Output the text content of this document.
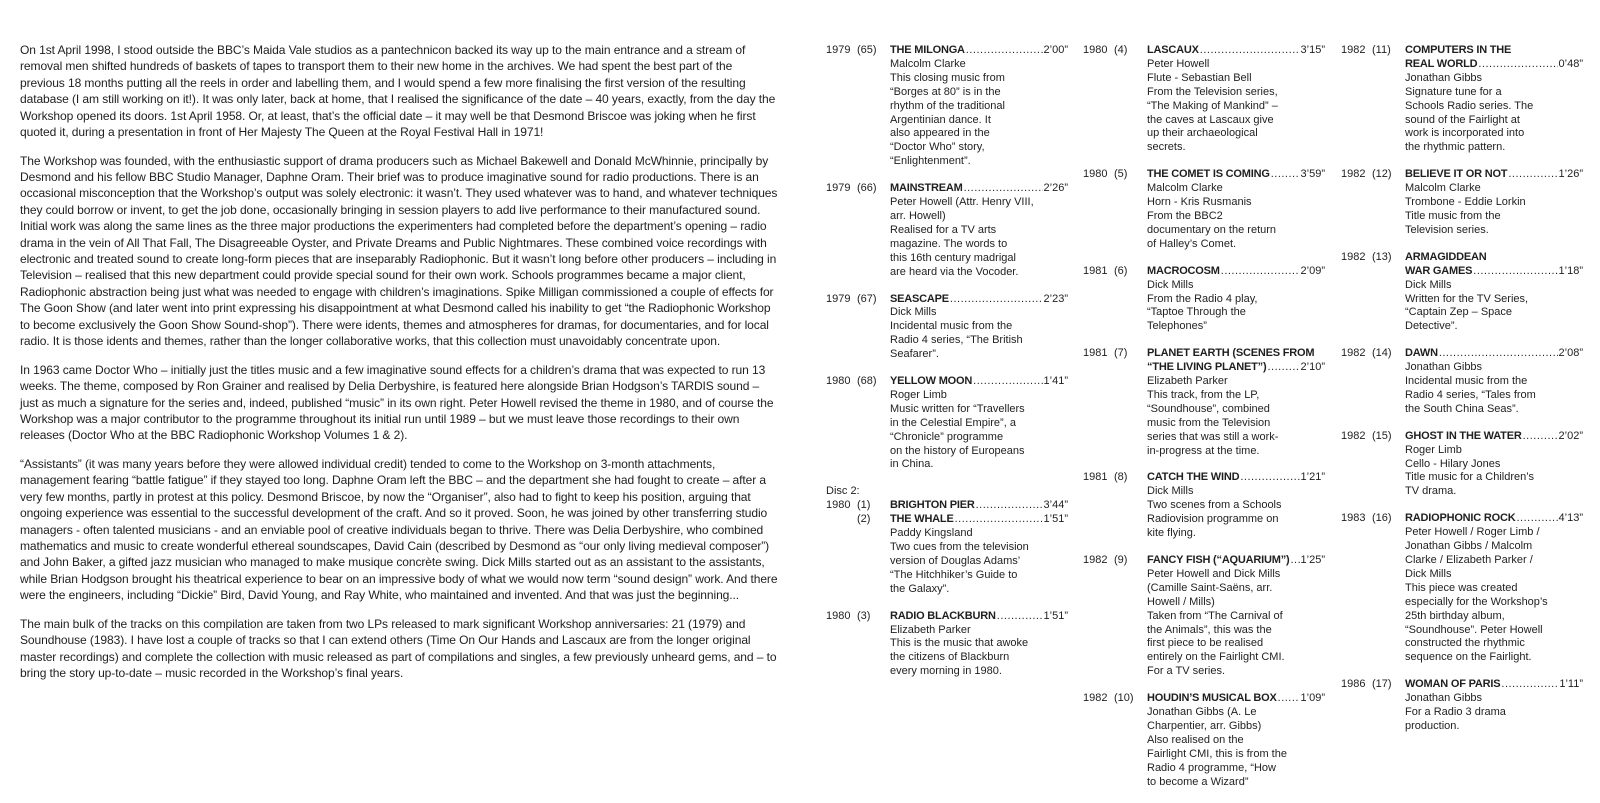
On 1st April 1998, I stood outside the BBC’s Maida Vale studios as a pantechnicon backed its way up to the main entrance and a stream of removal men shifted hundreds of baskets of tapes to transport them to their new home in the archives. We had spent the best part of the previous 18 months putting all the reels in order and labelling them, and I would spend a few more finalising the first version of the resulting database (I am still working on it!). It was only later, back at home, that I realised the significance of the date – 40 years, exactly, from the day the Workshop opened its doors. 1st April 1958. Or, at least, that’s the official date – it may well be that Desmond Briscoe was joking when he first quoted it, during a presentation in front of Her Majesty The Queen at the Royal Festival Hall in 1971!

The Workshop was founded, with the enthusiastic support of drama producers such as Michael Bakewell and Donald McWhinnie, principally by Desmond and his fellow BBC Studio Manager, Daphne Oram. Their brief was to produce imaginative sound for radio productions. There is an occasional misconception that the Workshop’s output was solely electronic: it wasn’t. They used whatever was to hand, and whatever techniques they could borrow or invent, to get the job done, occasionally bringing in session players to add live performance to their manufactured sound. Initial work was along the same lines as the three major productions the experimenters had completed before the department’s opening – radio drama in the vein of All That Fall, The Disagreeable Oyster, and Private Dreams and Public Nightmares. These combined voice recordings with electronic and treated sound to create long-form pieces that are inseparably Radiophonic. But it wasn’t long before other producers – including in Television – realised that this new department could provide special sound for their own work. Schools programmes became a major client, Radiophonic abstraction being just what was needed to engage with children’s imaginations. Spike Milligan commissioned a couple of effects for The Goon Show (and later went into print expressing his disappointment at what Desmond called his inability to get “the Radiophonic Workshop to become exclusively the Goon Show Sound-shop”). There were idents, themes and atmospheres for dramas, for documentaries, and for local radio. It is those idents and themes, rather than the longer collaborative works, that this collection must unavoidably concentrate upon.

In 1963 came Doctor Who – initially just the titles music and a few imaginative sound effects for a children’s drama that was expected to run 13 weeks. The theme, composed by Ron Grainer and realised by Delia Derbyshire, is featured here alongside Brian Hodgson’s TARDIS sound – just as much a signature for the series and, indeed, published “music” in its own right. Peter Howell revised the theme in 1980, and of course the Workshop was a major contributor to the programme throughout its initial run until 1989 – but we must leave those recordings to their own releases (Doctor Who at the BBC Radiophonic Workshop Volumes 1 & 2).

“Assistants” (it was many years before they were allowed individual credit) tended to come to the Workshop on 3-month attachments, management fearing “battle fatigue” if they stayed too long. Daphne Oram left the BBC – and the department she had fought to create – after a very few months, partly in protest at this policy. Desmond Briscoe, by now the “Organiser”, also had to fight to keep his position, arguing that ongoing experience was essential to the successful development of the craft. And so it proved. Soon, he was joined by other transferring studio managers - often talented musicians - and an enviable pool of creative individuals began to thrive. There was Delia Derbyshire, who combined mathematics and music to create wonderful ethereal soundscapes, David Cain (described by Desmond as “our only living medieval composer”) and John Baker, a gifted jazz musician who managed to make musique concrète swing. Dick Mills started out as an assistant to the assistants, while Brian Hodgson brought his theatrical experience to bear on an impressive body of what we would now term “sound design” work. And there were the engineers, including “Dickie” Bird, David Young, and Ray White, who maintained and invented. And that was just the beginning...

The main bulk of the tracks on this compilation are taken from two LPs released to mark significant Workshop anniversaries: 21 (1979) and Soundhouse (1983). I have lost a couple of tracks so that I can extend others (Time On Our Hands and Lascaux are from the longer original master recordings) and complete the collection with music released as part of compilations and singles, a few previously unheard gems, and – to bring the story up-to-date – music recorded in the Workshop’s final years.

1979 (65)	THE MILONGA .....	2’00”
Malcolm Clarke
This closing music from
“Borges at 80” is in the
rhythm of the traditional
Argentinian dance. It
also appeared in the
“Doctor Who” story,
“Enlightenment”.
1979 (66)	MAINSTREAM .....	2’26”
Peter Howell (Attr. Henry VIII,
arr. Howell)
Realised for a TV arts
magazine. The words to
this 16th century madrigal
are heard via the Vocoder.
1979 (67)	SEASCAPE .....	2’23”
Dick Mills
Incidental music from the
Radio 4 series, “The British
Seafarer”.
1980 (68)	YELLOW MOON .....	1’41”
Roger Limb
Music written for “Travellers
in the Celestial Empire”, a
“Chronicle” programme
on the history of Europeans
in China.
Disc 2:
1980 (1)	BRIGHTON PIER .....	3’44”
(2)	THE WHALE .....	1’51”
Paddy Kingsland
Two cues from the television
version of Douglas Adams’
“The Hitchhiker’s Guide to
the Galaxy”.
1980 (3)	RADIO BLACKBURN .....	1’51”
Elizabeth Parker
This is the music that awoke
the citizens of Blackburn
every morning in 1980.
1980 (4)	LASCAUX .....	3’15”
Peter Howell
Flute - Sebastian Bell
From the Television series,
“The Making of Mankind” –
the caves at Lascaux give
up their archaeological
secrets.
1980 (5)	THE COMET IS COMING .....	3’59”
Malcolm Clarke
Horn - Kris Rusmanis
From the BBC2
documentary on the return
of Halley’s Comet.
1981 (6)	MACROCOSM .....	2’09”
Dick Mills
From the Radio 4 play,
“Taptoe Through the
Telephones”
1981 (7)	PLANET EARTH (SCENES FROM
“THE LIVING PLANET”) .....	2’10”
Elizabeth Parker
This track, from the LP,
“Soundhouse”, combined
music from the Television
series that was still a work-
in-progress at the time.
1981 (8)	CATCH THE WIND .....	1’21”
Dick Mills
Two scenes from a Schools
Radiovision programme on
kite flying.
1982 (9)	FANCY FISH (“AQUARIUM”) ..... 1’25”
Peter Howell and Dick Mills
(Camille Saint-Saëns, arr.
Howell / Mills)
Taken from “The Carnival of
the Animals”, this was the
first piece to be realised
entirely on the Fairlight CMI.
For a TV series.
1982 (10)	HOUDIN’S MUSICAL BOX ..... 1’09”
Jonathan Gibbs (A. Le
Charpentier, arr. Gibbs)
Also realised on the
Fairlight CMI, this is from the
Radio 4 programme, “How
to become a Wizard”
1982 (11)	COMPUTERS IN THE
REAL WORLD .....	0’48”
Jonathan Gibbs
Signature tune for a
Schools Radio series. The
sound of the Fairlight at
work is incorporated into
the rhythmic pattern.
1982 (12)	BELIEVE IT OR NOT .....	1’26”
Malcolm Clarke
Trombone - Eddie Lorkin
Title music from the
Television series.
1982 (13)	ARMAGIDDEAN
WAR GAMES .....	1’18”
Dick Mills
Written for the TV Series,
“Captain Zep – Space
Detective”.
1982 (14)	DAWN .....	2’08”
Jonathan Gibbs
Incidental music from the
Radio 4 series, “Tales from
the South China Seas”.
1982 (15)	GHOST IN THE WATER .....	2’02”
Roger Limb
Cello - Hilary Jones
Title music for a Children’s
TV drama.
1983 (16)	RADIOPHONIC ROCK .....	4’13”
Peter Howell / Roger Limb /
Jonathan Gibbs / Malcolm
Clarke / Elizabeth Parker /
Dick Mills
This piece was created
especially for the Workshop’s
25th birthday album,
“Soundhouse”. Peter Howell
constructed the rhythmic
sequence on the Fairlight.
1986 (17)	WOMAN OF PARIS .....	1’11”
Jonathan Gibbs
For a Radio 3 drama
production.
